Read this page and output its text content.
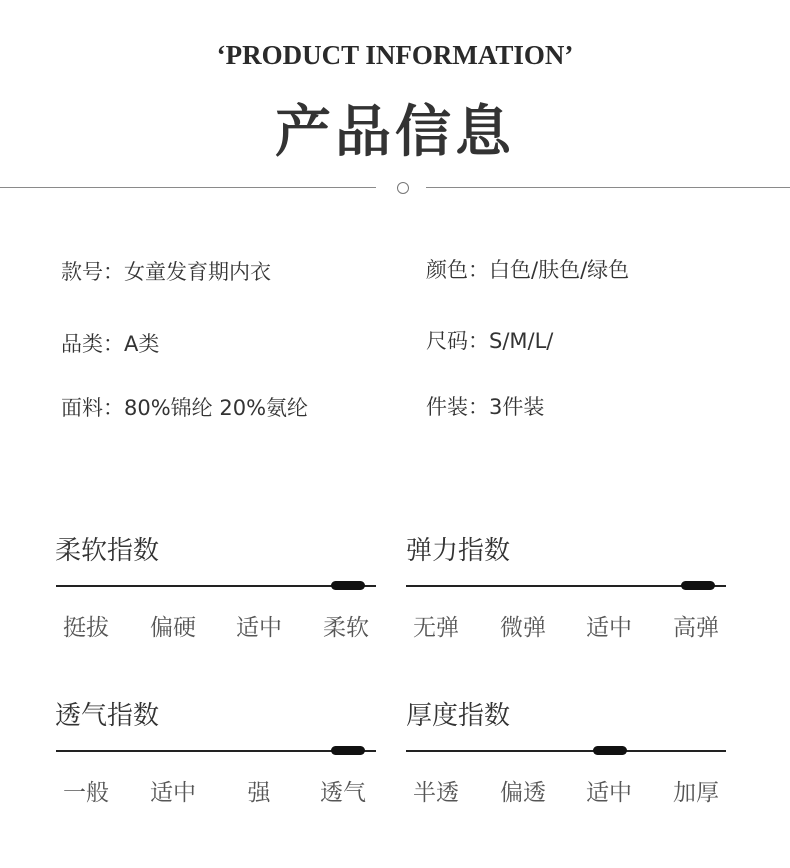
‘PRODUCT INFORMATION’
产品信息
款号：女童发育期内衣	颜色：白色/肤色/绿色
品类：A类	尺码：S/M/L/
面料：80%锦纶 20%氨纶	件装：3件装
柔软指数
挺拔	偏硬	适中	柔软
弹力指数
无弹	微弹	适中	高弹
透气指数
一般	适中	强	透气
厚度指数
半透	偏透	适中	加厚
